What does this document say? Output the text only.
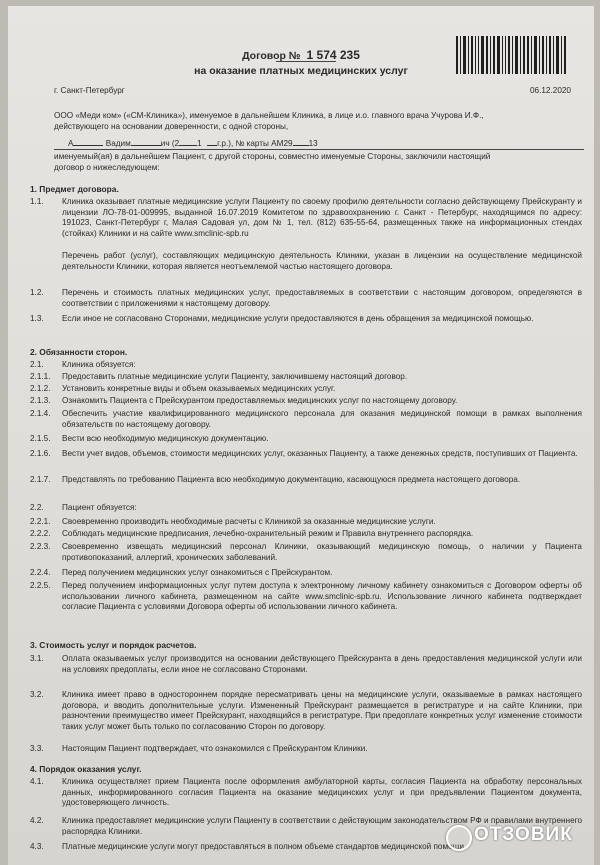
Договор № 1 574 235
на оказание платных медицинских услуг
г. Санкт-Петербург	06.12.2020
ООО «Меди ком» («СМ-Клиника»), именуемое в дальнейшем Клиника, в лице и.о. главного врача Учурова И.Ф.,
действующего на основании доверенности, с одной стороны,
А	Вадим	ич (2 1 г.р.), № карты АМ29 13
именуемый(ая) в дальнейшем Пациент, с другой стороны, совместно именуемые Стороны, заключили настоящий
договор о нижеследующем:
1. Предмет договора.
1.1. Клиника оказывает платные медицинские услуги Пациенту по своему профилю деятельности согласно действующему Прейскуранту и лицензии ЛО-78-01-009995, выданной 16.07.2019 Комитетом по здравоохранению г. Санкт - Петербург, находящимся по адресу: 191023, Санкт-Петербург г, Малая Садовая ул, дом № 1, тел. (812) 635-55-64, размещенных также на информационных стендах (стойках) Клиники и на сайте www.smclinic-spb.ru
Перечень работ (услуг), составляющих медицинскую деятельность Клиники, указан в лицензии на осуществление медицинской деятельности Клиники, которая является неотъемлемой частью настоящего договора.
1.2. Перечень и стоимость платных медицинских услуг, предоставляемых в соответствии с настоящим договором, определяются в соответствии с приложениями к настоящему договору.
1.3. Если иное не согласовано Сторонами, медицинские услуги предоставляются в день обращения за медицинской помощью.
2. Обязанности сторон.
2.1. Клиника обязуется:
2.1.1. Предоставить платные медицинские услуги Пациенту, заключившему настоящий договор.
2.1.2. Установить конкретные виды и объем оказываемых медицинских услуг.
2.1.3. Ознакомить Пациента с Прейскурантом предоставляемых медицинских услуг по настоящему договору.
2.1.4. Обеспечить участие квалифицированного медицинского персонала для оказания медицинской помощи в рамках выполнения обязательств по настоящему договору.
2.1.5. Вести всю необходимую медицинскую документацию.
2.1.6. Вести учет видов, объемов, стоимости медицинских услуг, оказанных Пациенту, а также денежных средств, поступивших от Пациента.
2.1.7. Представлять по требованию Пациента всю необходимую документацию, касающуюся предмета настоящего договора.
2.2. Пациент обязуется:
2.2.1. Своевременно производить необходимые расчеты с Клиникой за оказанные медицинские услуги.
2.2.2. Соблюдать медицинские предписания, лечебно-охранительный режим и Правила внутреннего распорядка.
2.2.3. Своевременно извещать медицинский персонал Клиники, оказывающий медицинскую помощь, о наличии у Пациента противопоказаний, аллергий, хронических заболеваний.
2.2.4. Перед получением медицинских услуг ознакомиться с Прейскурантом.
2.2.5. Перед получением информационных услуг путем доступа к электронному личному кабинету ознакомиться с Договором оферты об использовании личного кабинета, размещенном на сайте www.smclinic-spb.ru. Использование личного кабинета подтверждает согласие Пациента с условиями Договора оферты об использовании личного кабинета.
3. Стоимость услуг и порядок расчетов.
3.1. Оплата оказываемых услуг производится на основании действующего Прейскуранта в день предоставления медицинской услуги или на условиях предоплаты, если иное не согласовано Сторонами.
3.2. Клиника имеет право в одностороннем порядке пересматривать цены на медицинские услуги, оказываемые в рамках настоящего договора, и вводить дополнительные услуги. Измененный Прейскурант размещается в регистратуре и на сайте Клиники, при разночтении преимущество имеет Прейскурант, находящийся в регистратуре. При предоплате конкретных услуг изменение стоимости таких услуг может быть только по согласованию Сторон по договору.
3.3. Настоящим Пациент подтверждает, что ознакомился с Прейскурантом Клиники.
4. Порядок оказания услуг.
4.1. Клиника осуществляет прием Пациента после оформления амбулаторной карты, согласия Пациента на обработку персональных данных, информированного согласия Пациента на оказание медицинских услуг и при предъявлении Пациентом документа, удостоверяющего личность.
4.2. Клиника предоставляет медицинские услуги Пациенту в соответствии с действующим законодательством РФ и правилами внутреннего распорядка Клиники.
4.3. Платные медицинские услуги могут предоставляться в полном объеме стандартов медицинской помощи,
ОТЗОВИК
